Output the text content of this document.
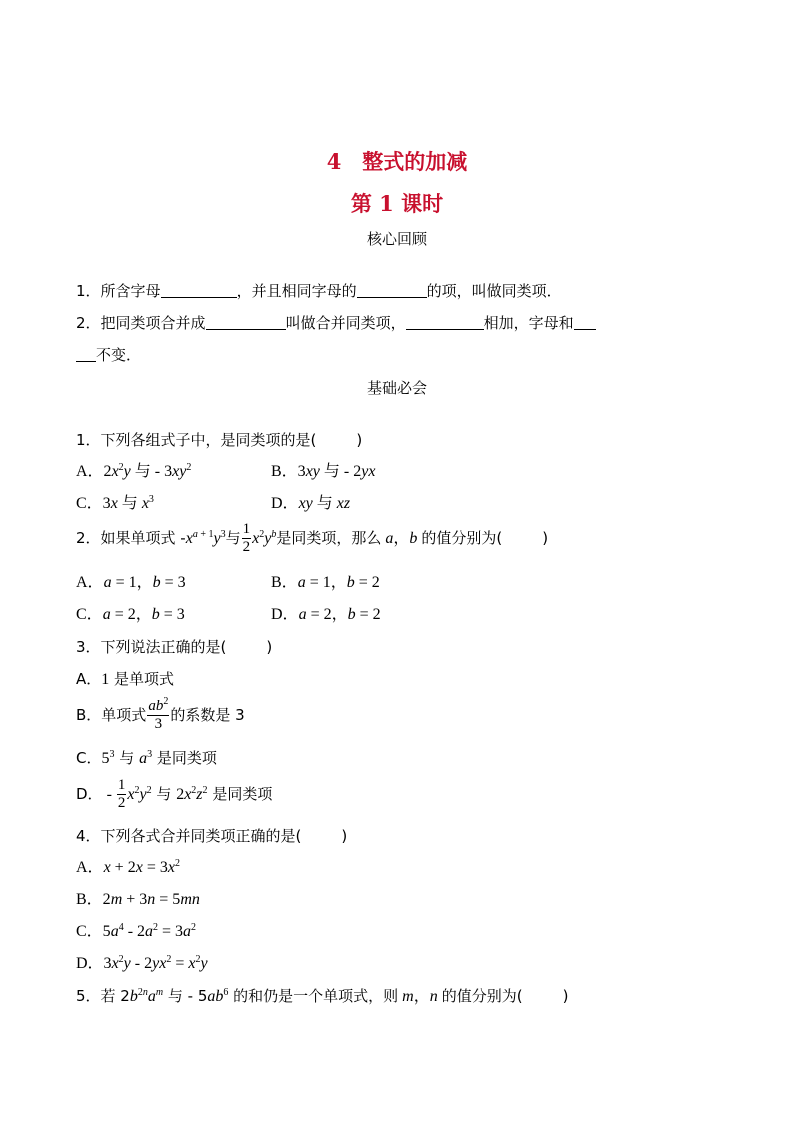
4　整式的加减
第 1 课时
核心回顾
1．所含字母	，并且相同字母的	的项，叫做同类项．
2．把同类项合并成	叫做合并同类项，	相加，字母和
不变．
基础必会
1．下列各组式子中，是同类项的是(	)
A．$2x^2y$ 与 - $3xy^2$	B．3xy 与 - 2yx
C．3x 与 $x^3$	D．xy 与 xz
2．如果单项式 $-x^{a + 1}y^3$与 $\frac{1}{2} x^2y^b$是同类项，那么 a，b 的值分别为(	)
A．a = 1，b = 3	B．a = 1，b = 2
C．a = 2，b = 3	D．a = 2，b = 2
3．下列说法正确的是(	)
A．1 是单项式
B．单项式 $\frac{ab^2}{3}$ 的系数是 3
C．$5^3$ 与 $a^3$ 是同类项
D． - $\frac{1}{2} x^2y^2$ 与 $2x^2z^2$ 是同类项
4．下列各式合并同类项正确的是(	)
A．$x + 2x = 3x^2$
B．2m + 3n = 5mn
C．$5a^4 - 2a^2 = 3a^2$
D．$3x^2y - 2yx^2 = x^2y$
5．若 $2b^{2n}a^m$ 与 - $5ab^6$ 的和仍是一个单项式，则 m，n 的值分别为(	)
